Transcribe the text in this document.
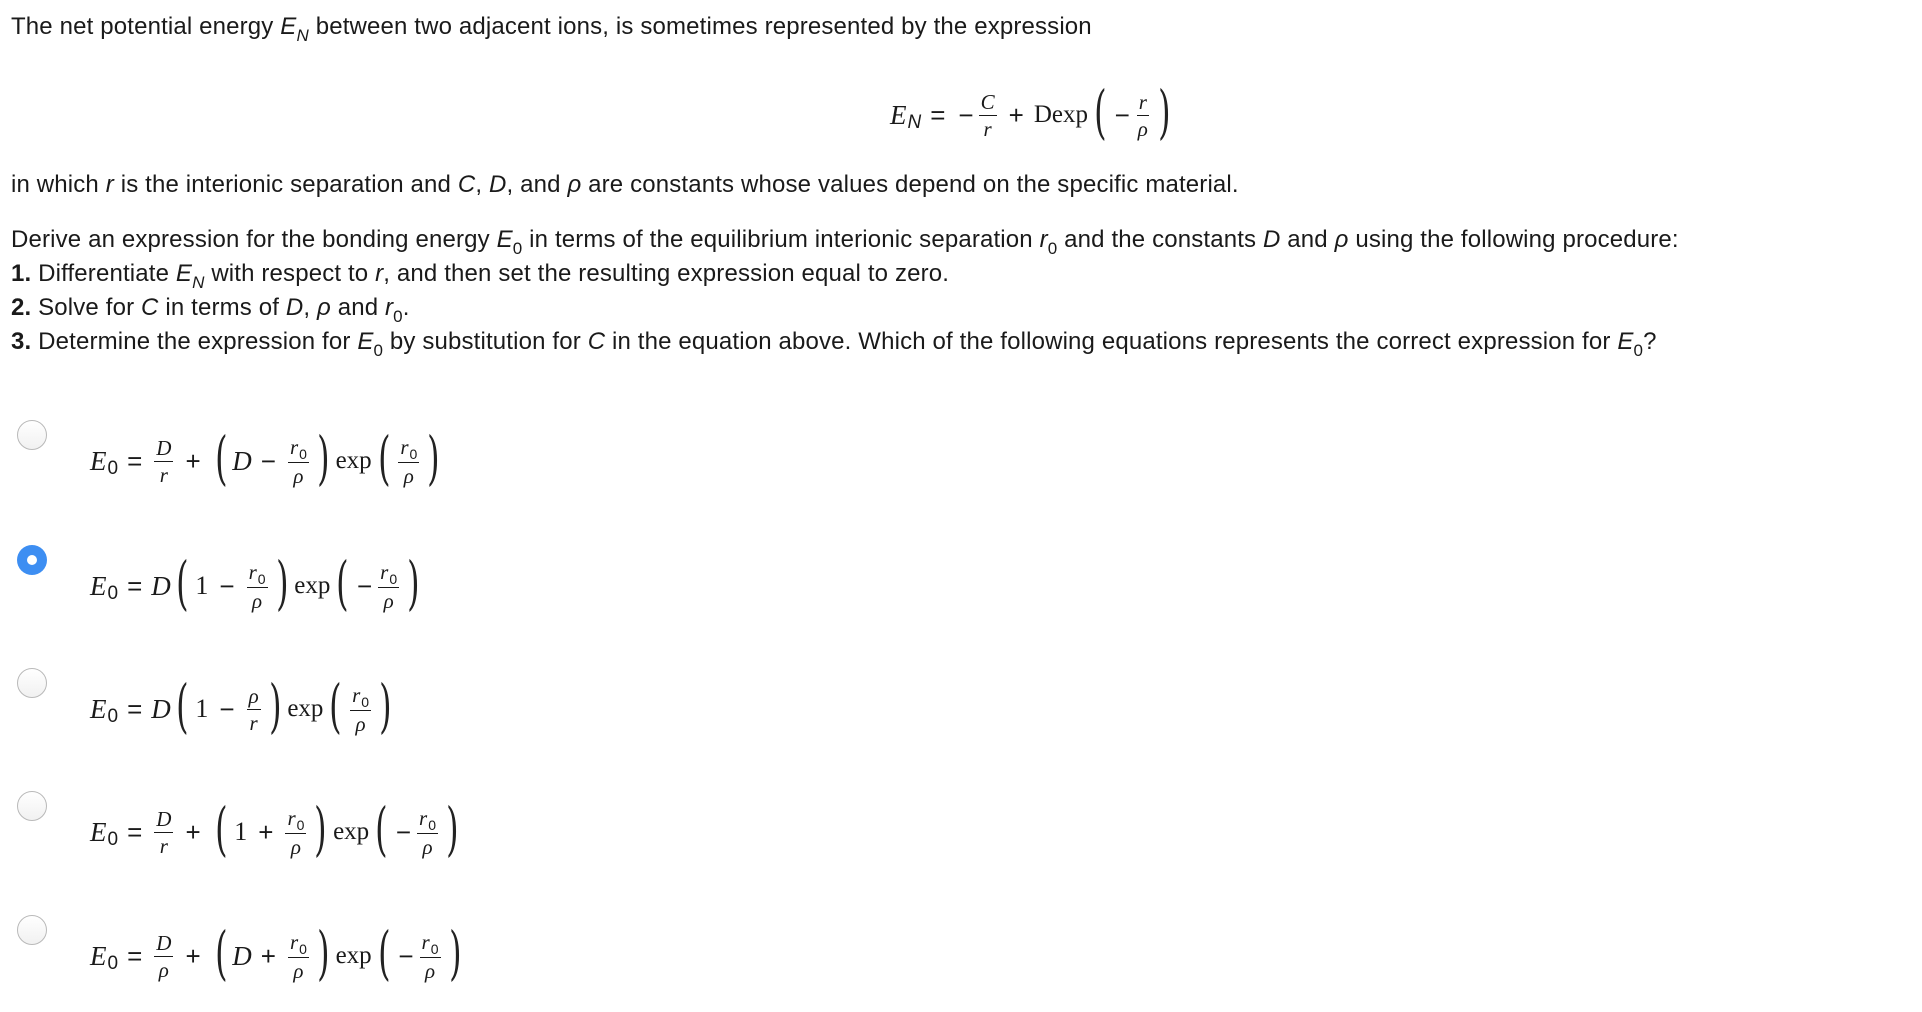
The net potential energy $E_N$ between two adjacent ions, is sometimes represented by the expression
E N = − $\frac{C}{r} + Dexp$ ( − $\frac{r}{\rho}$ )
in which r is the interionic separation and C, D, and ρ are constants whose values depend on the specific material.
Derive an expression for the bonding energy $E_0$ in terms of the equilibrium interionic separation $r_0$ and the constants D and ρ using the following procedure:
1. Differentiate $E_N$ with respect to r, and then set the resulting expression equal to zero.
2. Solve for C in terms of D, ρ and $r_0$.
3. Determine the expression for $E_0$ by substitution for C in the equation above. Which of the following equations represents the correct expression for $E_0$?
E $0 = \frac{D}{r}$ + ( $D - \frac{r_0}{\rho}$ ) exp ( $\frac{r_0}{\rho}$ )
E 0 = D ( $1 - \frac{r_0}{\rho}$ ) exp ( − $\frac{r_0}{\rho}$ )
E 0 = D ( $1 - \frac{\rho}{r}$ ) exp ( $\frac{r_0}{\rho}$ )
E $0 = \frac{D}{r}$ + ( $1 + \frac{r_0}{\rho}$ ) exp ( − $\frac{r_0}{\rho}$ )
E $0 = \frac{D}{\rho}$ + ( $D + \frac{r_0}{\rho}$ ) exp ( − $\frac{r_0}{\rho}$ )
